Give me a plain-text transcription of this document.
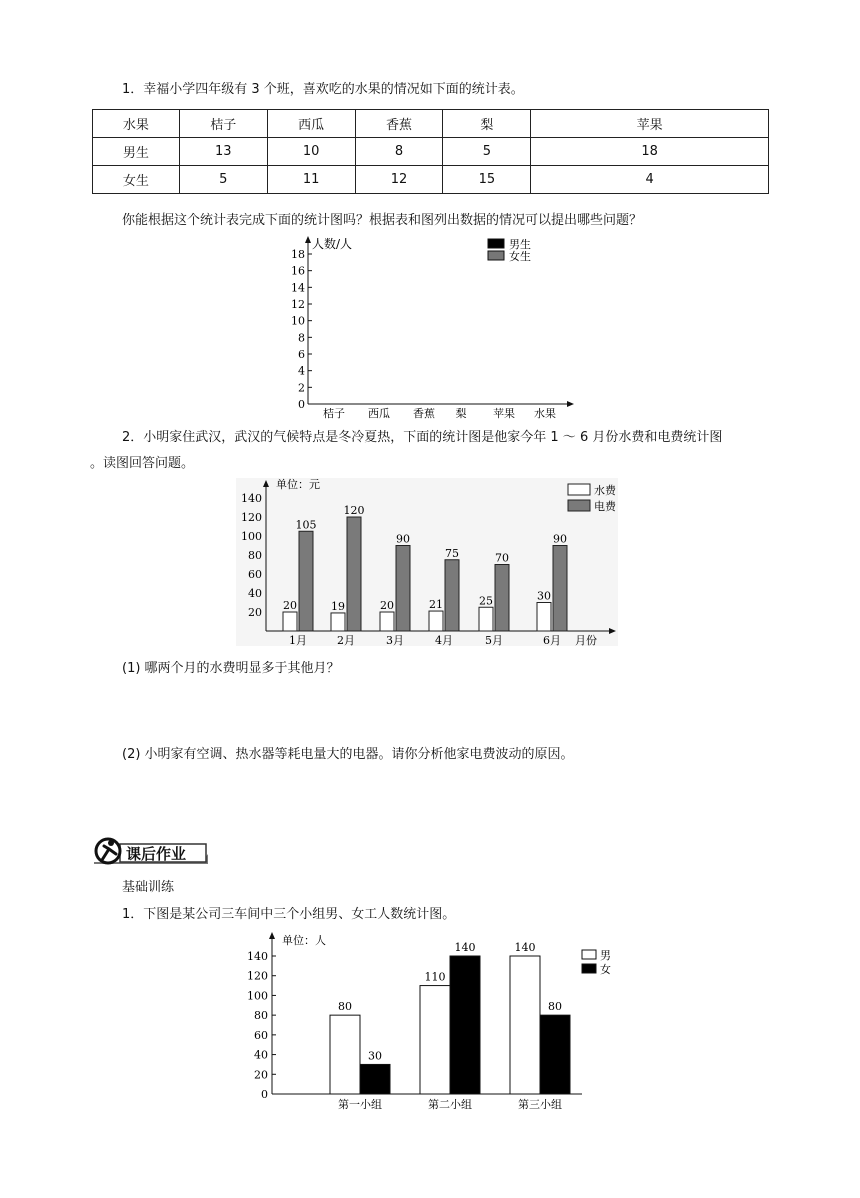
1．幸福小学四年级有 3 个班，喜欢吃的水果的情况如下面的统计表。
水果	桔子	西瓜	香蕉	梨	苹果
男生	13	10	8	5	18
女生	5	11	12	15	4
你能根据这个统计表完成下面的统计图吗？根据表和图列出数据的情况可以提出哪些问题？
0
2
4
6
8
10
12
14
16
18
人数/人
桔子 西瓜 香蕉 梨 苹果 水果
男生
女生
2．小明家住武汉，武汉的气候特点是冬冷夏热，下面的统计图是他家今年 1 ～ 6 月份水费和电费统计图
。读图回答问题。
20
40
60
80
100
120
140
单位：元
20
105
1月
19
120
2月
20
90
3月
21
75
4月
25
70
5月
30
90
6月 月份
水费
电费
(1) 哪两个月的水费明显多于其他月？
(2) 小明家有空调、热水器等耗电量大的电器。请你分析他家电费波动的原因。
课后作业
基础训练
1．下图是某公司三车间中三个小组男、女工人数统计图。
0
20
40
60
80
100
120
140
单位：人
80
30
第一小组
110
140
第二小组
140
80
第三小组
男
女
